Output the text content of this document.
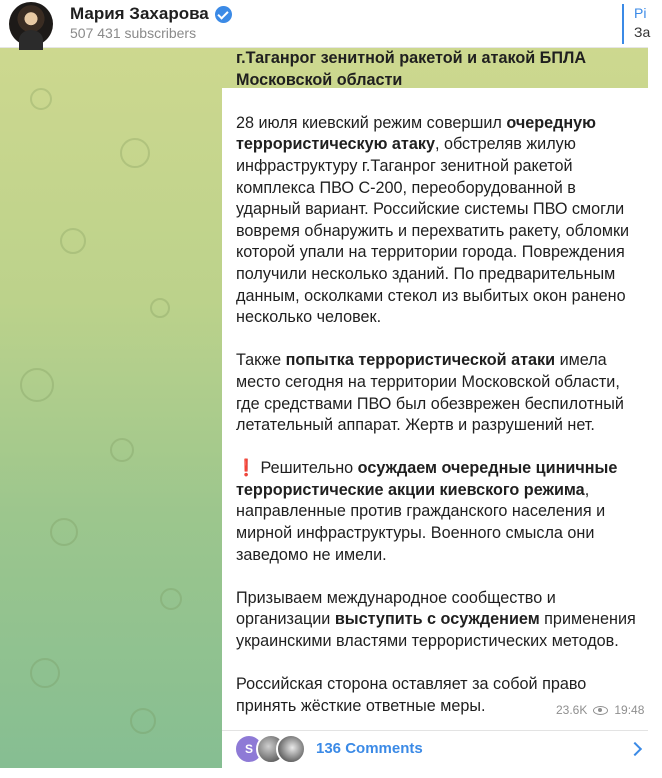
Мария Захарова
507 431 subscribers
Pi
За

г.Таганрог зенитной ракетой и атакой БПЛА
Московской области

28 июля киевский режим совершил очередную террористическую атаку, обстреляв жилую инфраструктуру г.Таганрог зенитной ракетой комплекса ПВО С-200, переоборудованной в ударный вариант. Российские системы ПВО смогли вовремя обнаружить и перехватить ракету, обломки которой упали на территории города. Повреждения получили несколько зданий. По предварительным данным, осколками стекол из выбитых окон ранено несколько человек.

Также попытка террористической атаки имела место сегодня на территории Московской области, где средствами ПВО был обезврежен беспилотный летательный аппарат. Жертв и разрушений нет.

❗ Решительно осуждаем очередные циничные террористические акции киевского режима, направленные против гражданского населения и мирной инфраструктуры. Военного смысла они заведомо не имели.

Призываем международное сообщество и организации выступить с осуждением применения украинскими властями террористических методов.

Российская сторона оставляет за собой право принять жёсткие ответные меры.	23.6K 19:48
S	136 Comments
